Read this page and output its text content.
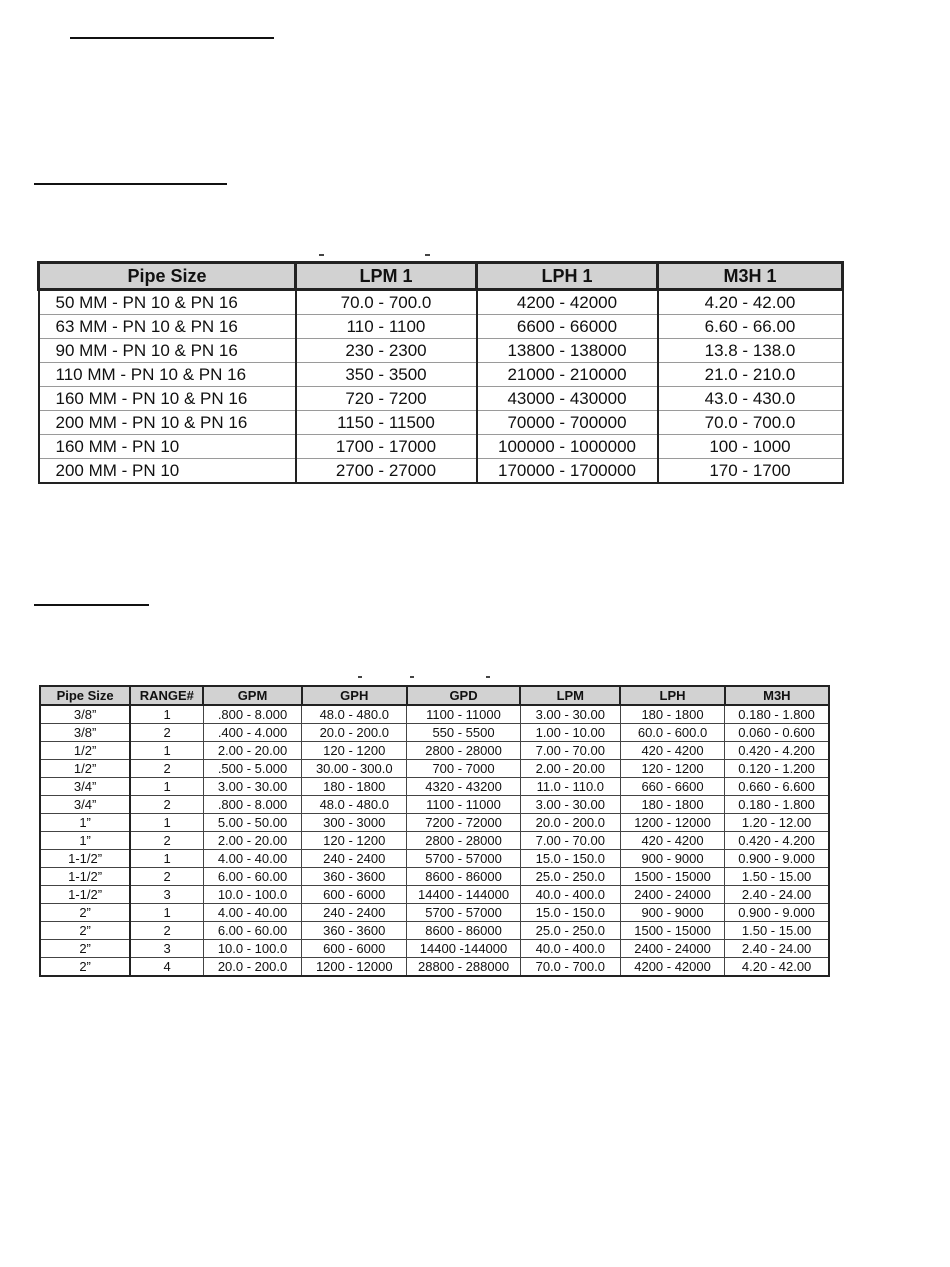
Pipe Size	LPM 1	LPH 1	M3H 1
50 MM - PN 10 & PN 16	70.0 - 700.0	4200 - 42000	4.20 - 42.00
63 MM - PN 10 & PN 16	110 - 1100	6600 - 66000	6.60 - 66.00
90 MM - PN 10 & PN 16	230 - 2300	13800 - 138000	13.8 - 138.0
110 MM - PN 10 & PN 16	350 - 3500	21000 - 210000	21.0 - 210.0
160 MM - PN 10 & PN 16	720 - 7200	43000 - 430000	43.0 - 430.0
200 MM - PN 10 & PN 16	1150 - 11500	70000 - 700000	70.0 - 700.0
160 MM - PN 10	1700 - 17000	100000 - 1000000	100 - 1000
200 MM - PN 10	2700 - 27000	170000 - 1700000	170 - 1700
Pipe Size	RANGE#	GPM	GPH	GPD	LPM	LPH	M3H
3/8”	1	.800 - 8.000	48.0 - 480.0	1100 - 11000	3.00 - 30.00	180 - 1800	0.180 - 1.800
3/8”	2	.400 - 4.000	20.0 - 200.0	550 - 5500	1.00 - 10.00	60.0 - 600.0	0.060 - 0.600
1/2”	1	2.00 - 20.00	120 - 1200	2800 - 28000	7.00 - 70.00	420 - 4200	0.420 - 4.200
1/2”	2	.500 - 5.000	30.00 - 300.0	700 - 7000	2.00 - 20.00	120 - 1200	0.120 - 1.200
3/4”	1	3.00 - 30.00	180 - 1800	4320 - 43200	11.0 - 110.0	660 - 6600	0.660 - 6.600
3/4”	2	.800 - 8.000	48.0 - 480.0	1100 - 11000	3.00 - 30.00	180 - 1800	0.180 - 1.800
1”	1	5.00 - 50.00	300 - 3000	7200 - 72000	20.0 - 200.0	1200 - 12000	1.20 - 12.00
1”	2	2.00 - 20.00	120 - 1200	2800 - 28000	7.00 - 70.00	420 - 4200	0.420 - 4.200
1-1/2”	1	4.00 - 40.00	240 - 2400	5700 - 57000	15.0 - 150.0	900 - 9000	0.900 - 9.000
1-1/2”	2	6.00 - 60.00	360 - 3600	8600 - 86000	25.0 - 250.0	1500 - 15000	1.50 - 15.00
1-1/2”	3	10.0 - 100.0	600 - 6000	14400 - 144000	40.0 - 400.0	2400 - 24000	2.40 - 24.00
2”	1	4.00 - 40.00	240 - 2400	5700 - 57000	15.0 - 150.0	900 - 9000	0.900 - 9.000
2”	2	6.00 - 60.00	360 - 3600	8600 - 86000	25.0 - 250.0	1500 - 15000	1.50 - 15.00
2”	3	10.0 - 100.0	600 - 6000	14400 -144000	40.0 - 400.0	2400 - 24000	2.40 - 24.00
2”	4	20.0 - 200.0	1200 - 12000	28800 - 288000	70.0 - 700.0	4200 - 42000	4.20 - 42.00
